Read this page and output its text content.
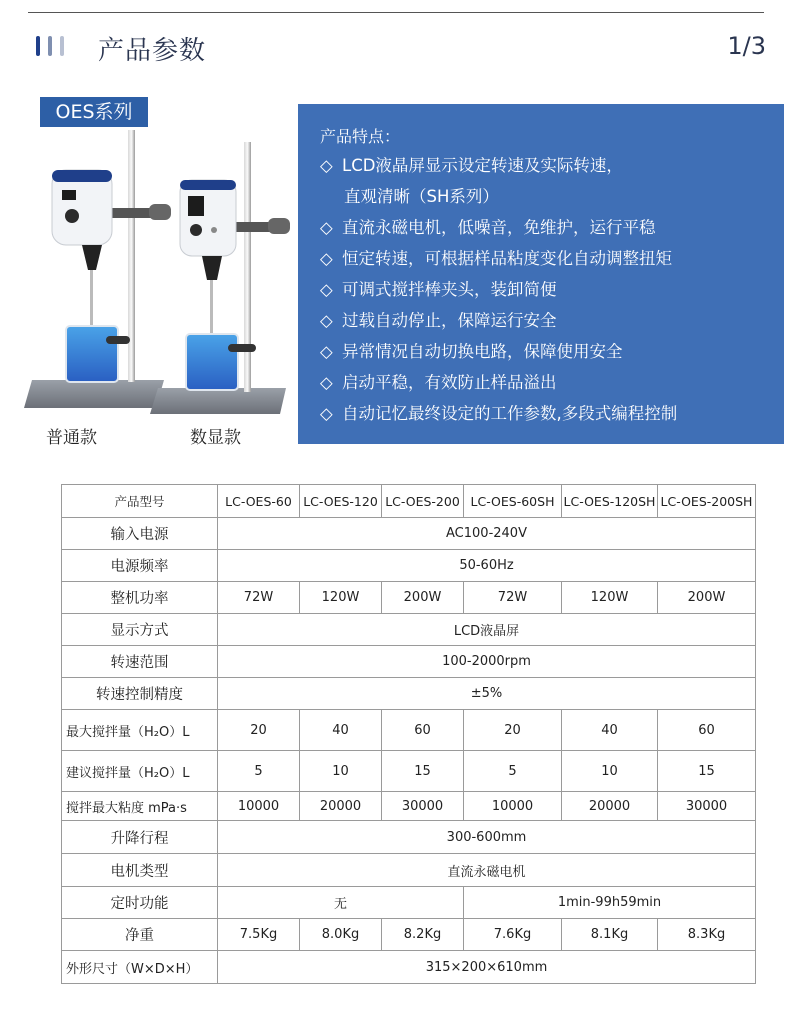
产品参数	1/3
OES系列
普通款	数显款
产品特点：
◇ LCD液晶屏显示设定转速及实际转速，
直观清晰（SH系列）
◇ 直流永磁电机，低噪音，免维护，运行平稳
◇ 恒定转速，可根据样品粘度变化自动调整扭矩
◇ 可调式搅拌棒夹头，装卸简便
◇ 过载自动停止，保障运行安全
◇ 异常情况自动切换电路，保障使用安全
◇ 启动平稳，有效防止样品溢出
◇ 自动记忆最终设定的工作参数,多段式编程控制
产品型号	LC-OES-60	LC-OES-120	LC-OES-200	LC-OES-60SH	LC-OES-120SH	LC-OES-200SH
输入电源	AC100-240V					
电源频率	50-60Hz					
整机功率	72W	120W	200W	72W	120W	200W
显示方式	LCD液晶屏					
转速范围	100-2000rpm					
转速控制精度	±5%					
最大搅拌量（H₂O）L	20	40	60	20	40	60
建议搅拌量（H₂O）L	5	10	15	5	10	15
搅拌最大粘度 mPa·s	10000	20000	30000	10000	20000	30000
升降行程	300-600mm					
电机类型	直流永磁电机					
定时功能	无			1min-99h59min		
净重	7.5Kg	8.0Kg	8.2Kg	7.6Kg	8.1Kg	8.3Kg
外形尺寸（W×D×H）	315×200×610mm					
